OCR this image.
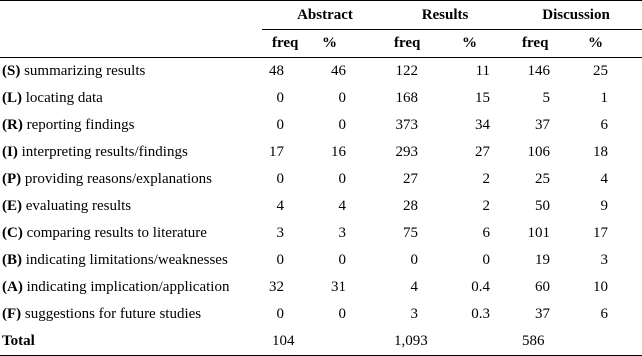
	Abstract		Results		Discussion	
	freq	%	freq	%	freq	%
(S) summarizing results	48	46	122	11	146	25
(L) locating data	0	0	168	15	5	1
(R) reporting findings	0	0	373	34	37	6
(I) interpreting results/findings	17	16	293	27	106	18
(P) providing reasons/explanations	0	0	27	2	25	4
(E) evaluating results	4	4	28	2	50	9
(C) comparing results to literature	3	3	75	6	101	17
(B) indicating limitations/weaknesses	0	0	0	0	19	3
(A) indicating implication/application	32	31	4	0.4	60	10
(F) suggestions for future studies	0	0	3	0.3	37	6
Total	104		1,093		586	
